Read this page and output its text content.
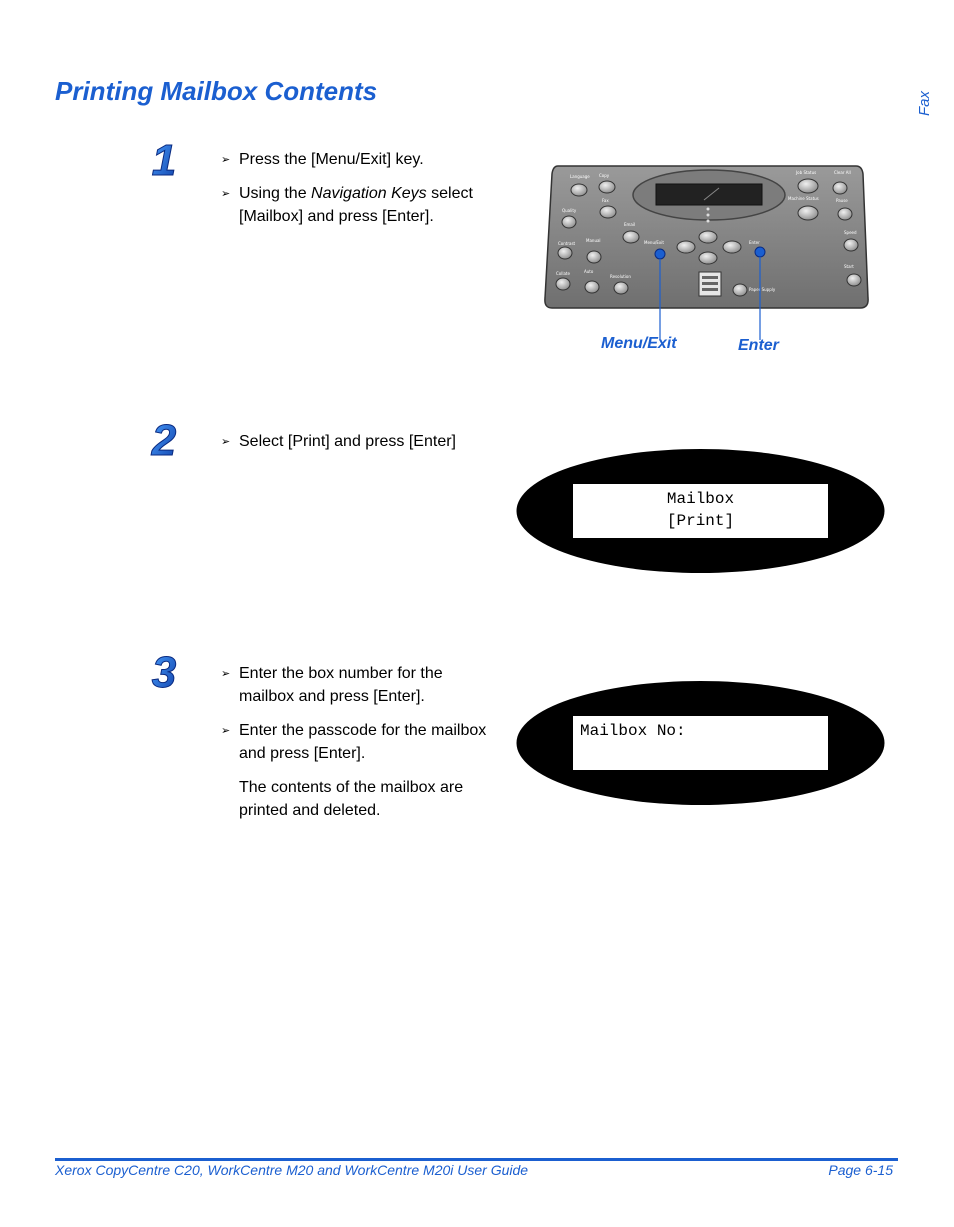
Printing Mailbox Contents	Fax
1	➢ Press the [Menu/Exit] key.
➢ Using the Navigation Keys select [Mailbox] and press [Enter].
Language Copy
Quality
Fax
Contrast
Manual
Email
Collate	Auto
Resolution
Menu/Exit	Enter
Job Status	Clear All
Machine Status	Pause
Speed
Start
Paper Supply
Menu/Exit	Enter
2	➢ Select [Print] and press [Enter]
Mailbox
[Print]
3	➢ Enter the box number for the mailbox and press [Enter].
➢ Enter the passcode for the mailbox and press [Enter].
The contents of the mailbox are printed and deleted.
Mailbox No:
Xerox CopyCentre C20, WorkCentre M20 and WorkCentre M20i User Guide	Page 6-15
